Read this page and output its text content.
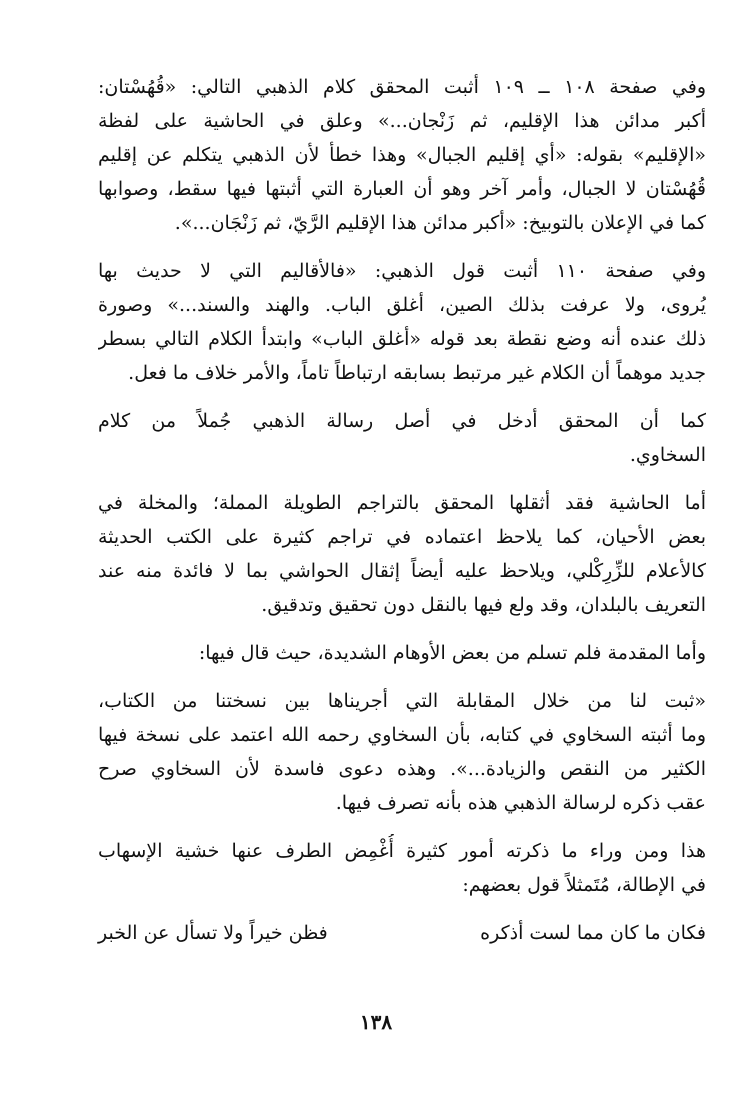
وفي صفحة ١٠٨ ــ ١٠٩ أثبت المحقق كلام الذهبي التالي: «قُهُسْتان:
أكبر مدائن هذا الإقليم، ثم زَنْجان...» وعلق في الحاشية على لفظة
«الإقليم» بقوله: «أي إقليم الجبال» وهذا خطأ لأن الذهبي يتكلم عن إقليم
قُهُسْتان لا الجبال، وأمر آخر وهو أن العبارة التي أثبتها فيها سقط، وصوابها
كما في الإعلان بالتوبيخ: «أكبر مدائن هذا الإقليم الرَّيّ، ثم زَنْجَان...».
وفي صفحة ١١٠ أثبت قول الذهبي: «فالأقاليم التي لا حديث بها
يُروى، ولا عرفت بذلك الصين، أغلق الباب. والهند والسند...» وصورة
ذلك عنده أنه وضع نقطة بعد قوله «أغلق الباب» وابتدأ الكلام التالي بسطر
جديد موهماً أن الكلام غير مرتبط بسابقه ارتباطاً تاماً، والأمر خلاف ما فعل.
كما أن المحقق أدخل في أصل رسالة الذهبي جُملاً من كلام
السخاوي.
أما الحاشية فقد أثقلها المحقق بالتراجم الطويلة المملة؛ والمخلة في
بعض الأحيان، كما يلاحظ اعتماده في تراجم كثيرة على الكتب الحديثة
كالأعلام للزِّرِكْلي، ويلاحظ عليه أيضاً إثقال الحواشي بما لا فائدة منه عند
التعريف بالبلدان، وقد ولع فيها بالنقل دون تحقيق وتدقيق.
وأما المقدمة فلم تسلم من بعض الأوهام الشديدة، حيث قال فيها:
«ثبت لنا من خلال المقابلة التي أجريناها بين نسختنا من الكتاب،
وما أثبته السخاوي في كتابه، بأن السخاوي رحمه الله اعتمد على نسخة فيها
الكثير من النقص والزيادة...». وهذه دعوى فاسدة لأن السخاوي صرح
عقب ذكره لرسالة الذهبي هذه بأنه تصرف فيها.
هذا ومن وراء ما ذكرته أمور كثيرة أُغْمِض الطرف عنها خشية الإسهاب
في الإطالة، مُتَمثلاً قول بعضهم:
فكان ما كان مما لست أذكره
فظن خيراً ولا تسأل عن الخبر
١٣٨
